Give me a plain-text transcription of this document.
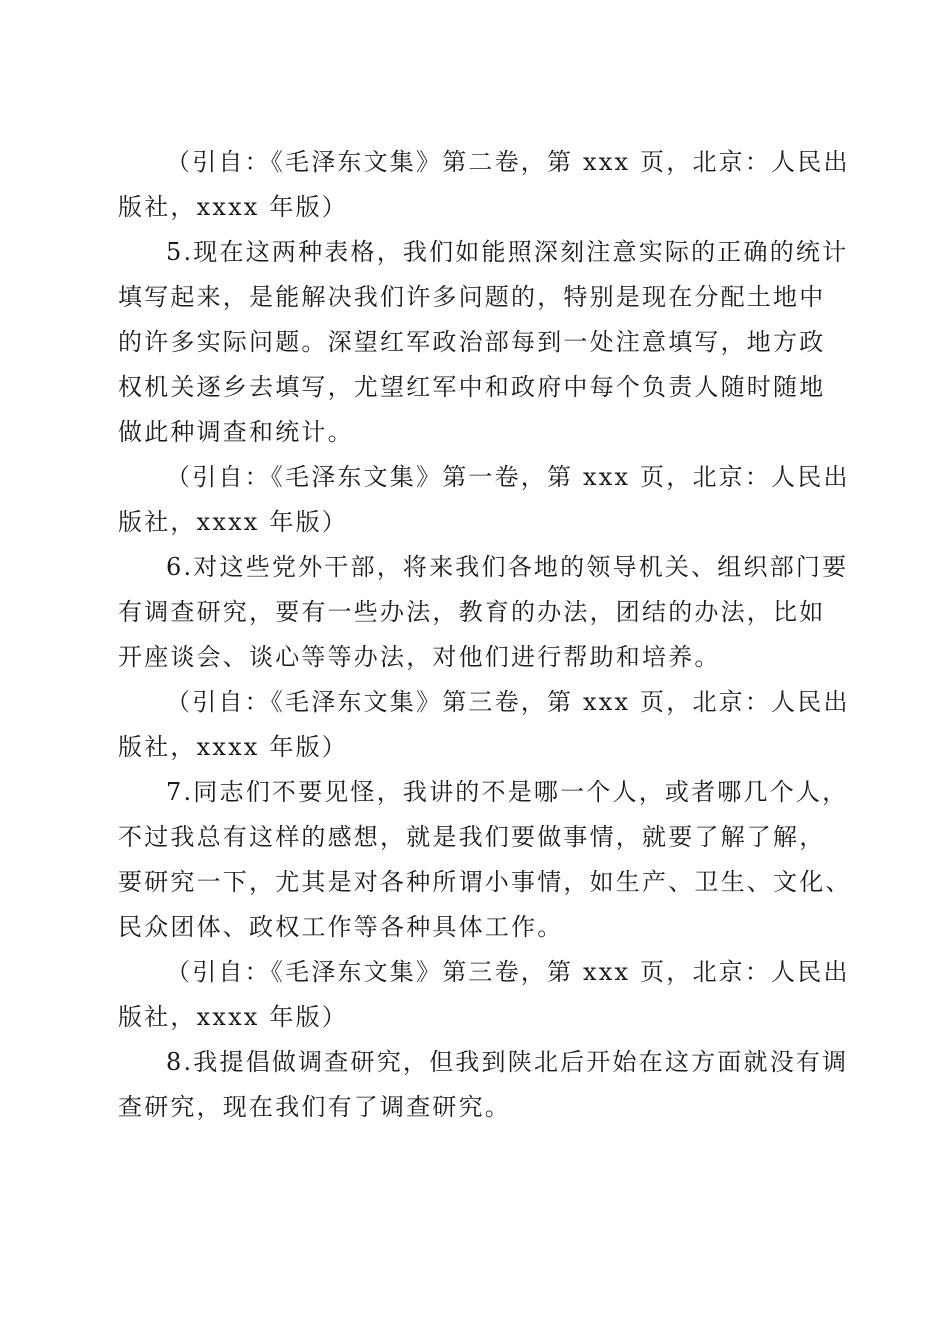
（引自：《毛泽东文集》第二卷，第 xxx 页，北京：人民出
版社，xxxx 年版）

5.现在这两种表格，我们如能照深刻注意实际的正确的统计
填写起来，是能解决我们许多问题的，特别是现在分配土地中
的许多实际问题。深望红军政治部每到一处注意填写，地方政
权机关逐乡去填写，尤望红军中和政府中每个负责人随时随地
做此种调查和统计。

（引自：《毛泽东文集》第一卷，第 xxx 页，北京：人民出
版社，xxxx 年版）

6.对这些党外干部，将来我们各地的领导机关、组织部门要
有调查研究，要有一些办法，教育的办法，团结的办法，比如
开座谈会、谈心等等办法，对他们进行帮助和培养。

（引自：《毛泽东文集》第三卷，第 xxx 页，北京：人民出
版社，xxxx 年版）

7.同志们不要见怪，我讲的不是哪一个人，或者哪几个人，
不过我总有这样的感想，就是我们要做事情，就要了解了解，
要研究一下，尤其是对各种所谓小事情，如生产、卫生、文化、
民众团体、政权工作等各种具体工作。

（引自：《毛泽东文集》第三卷，第 xxx 页，北京：人民出
版社，xxxx 年版）

8.我提倡做调查研究，但我到陕北后开始在这方面就没有调
查研究，现在我们有了调查研究。
